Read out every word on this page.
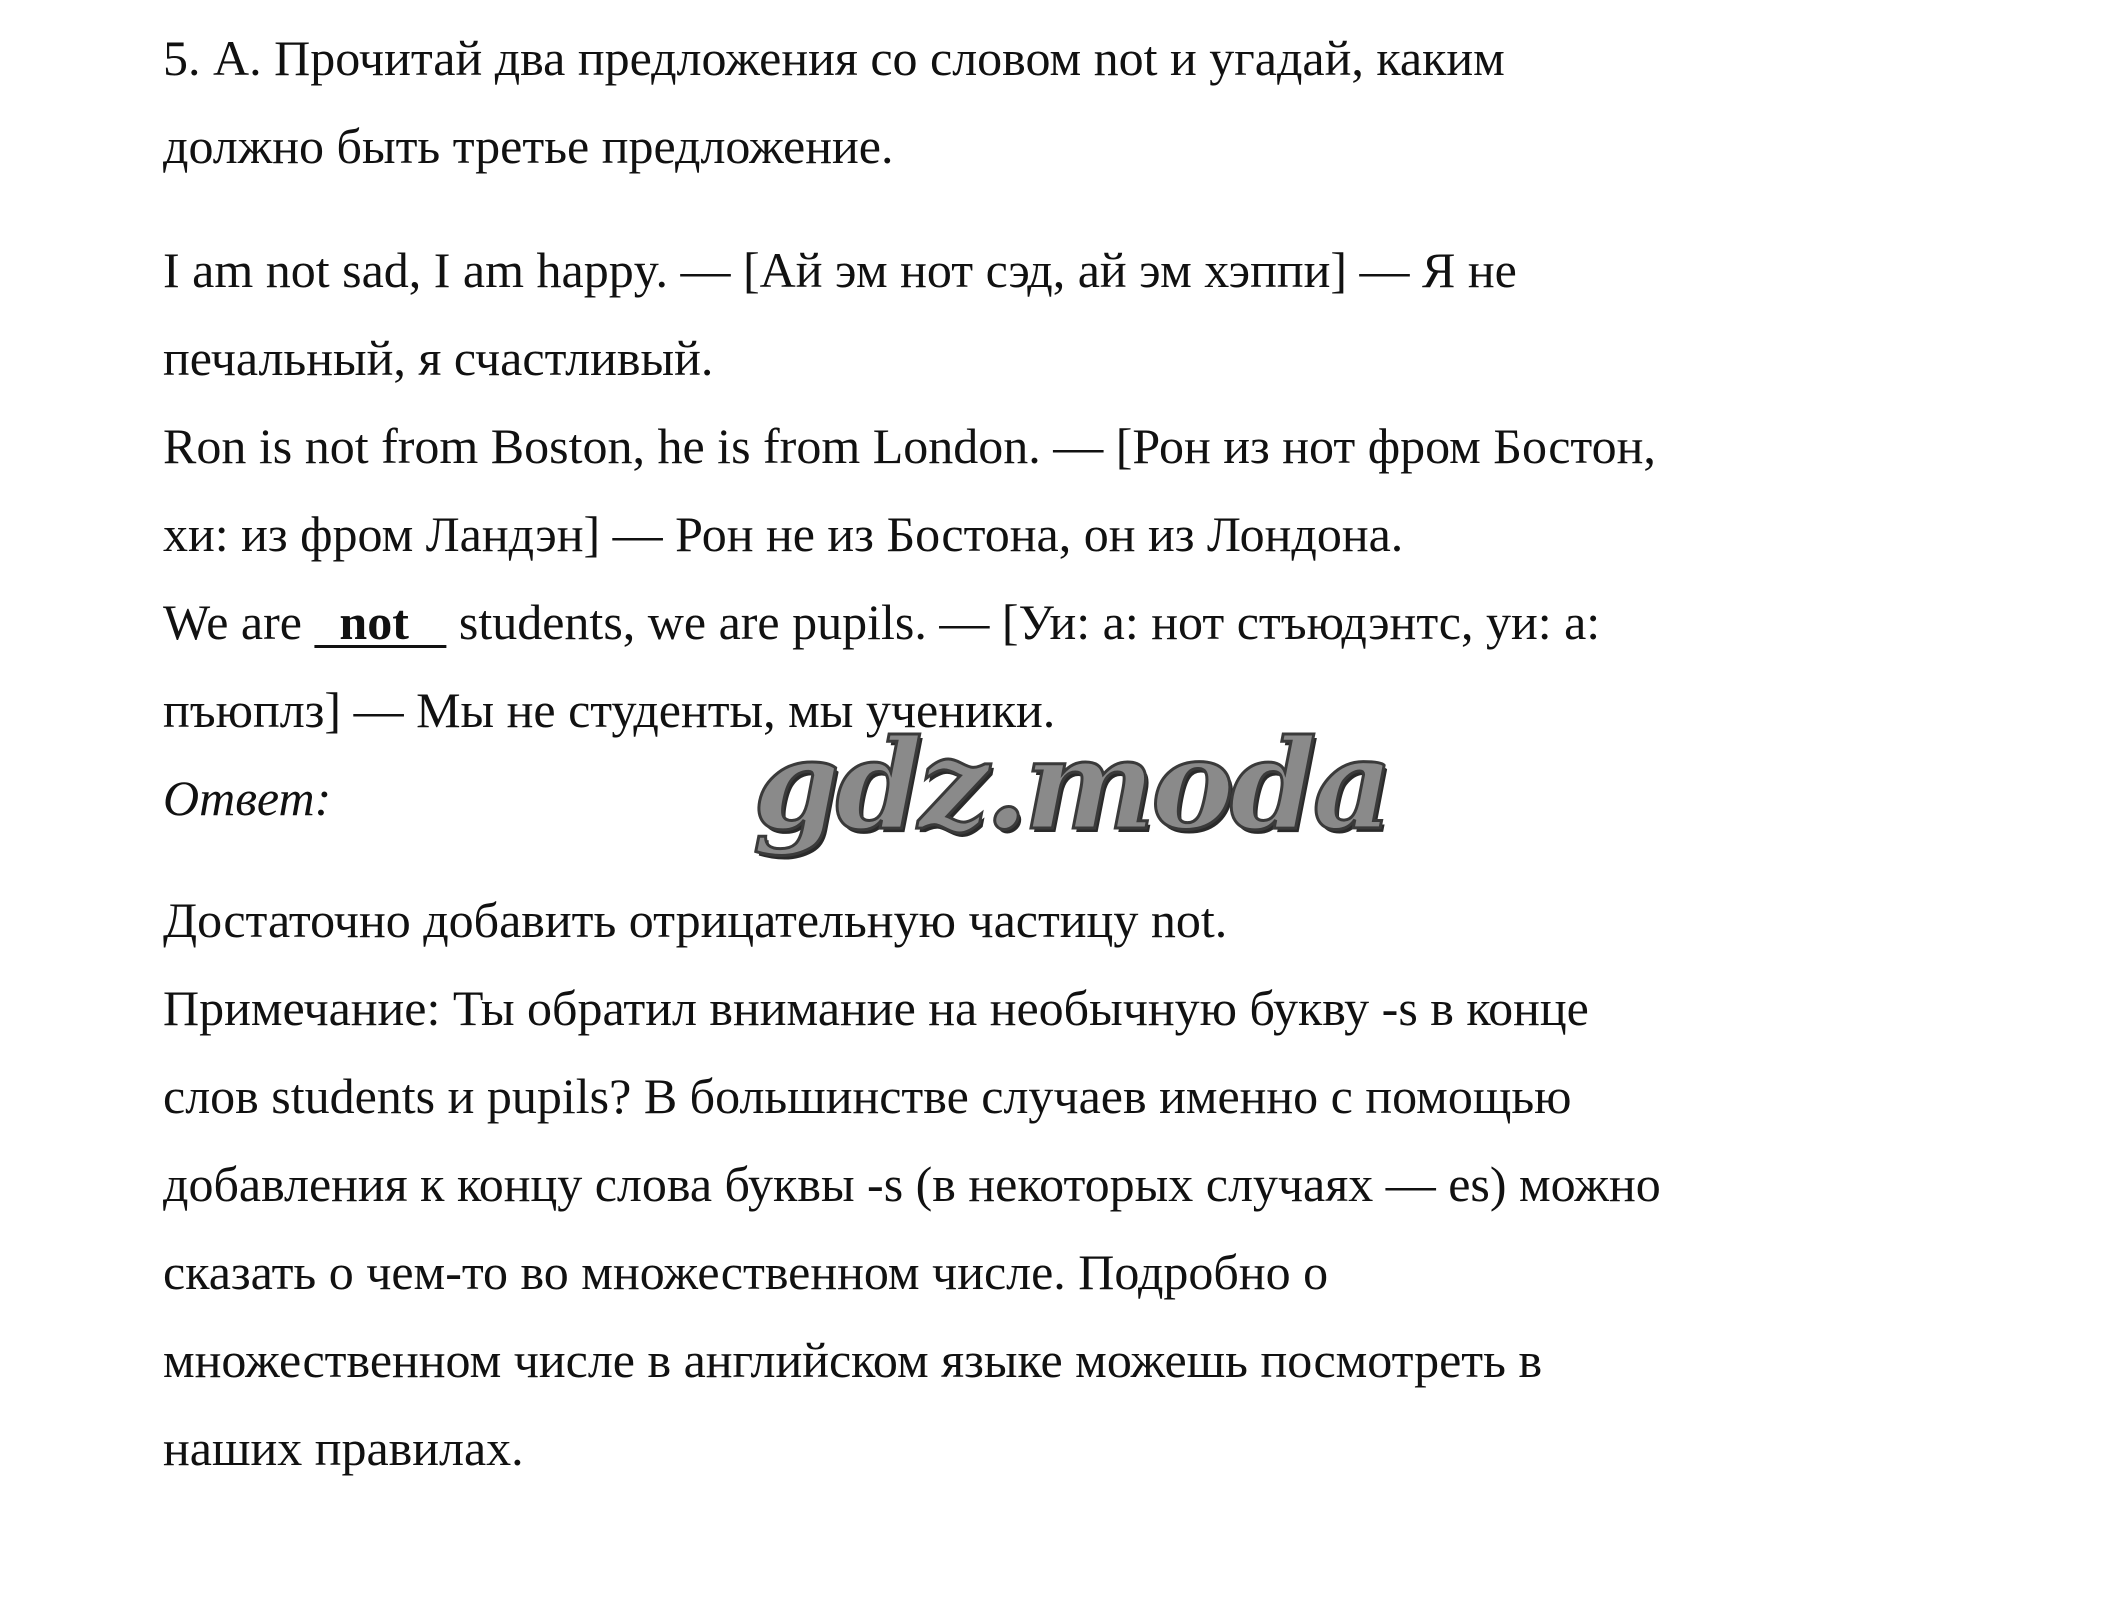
5. А. Прочитай два предложения со словом not и угадай, каким
должно быть третье предложение.
I am not sad, I am happy. — [Ай эм нот сэд, ай эм хэппи] — Я не
печальный, я счастливый.
Ron is not from Boston, he is from London. — [Рон из нот фром Бостон,
хи: из фром Ландэн] — Рон не из Бостона, он из Лондона.
We are   not    students, we are pupils. — [Уи: а: нот стъюдэнтс, уи: а:
пъюплз] — Мы не студенты, мы ученики.
Ответ:	gdz.moda
Достаточно добавить отрицательную частицу not.
Примечание: Ты обратил внимание на необычную букву -s в конце
слов students и pupils? В большинстве случаев именно с помощью
добавления к концу слова буквы -s (в некоторых случаях — es) можно
сказать о чем-то во множественном числе. Подробно о
множественном числе в английском языке можешь посмотреть в
наших правилах.
